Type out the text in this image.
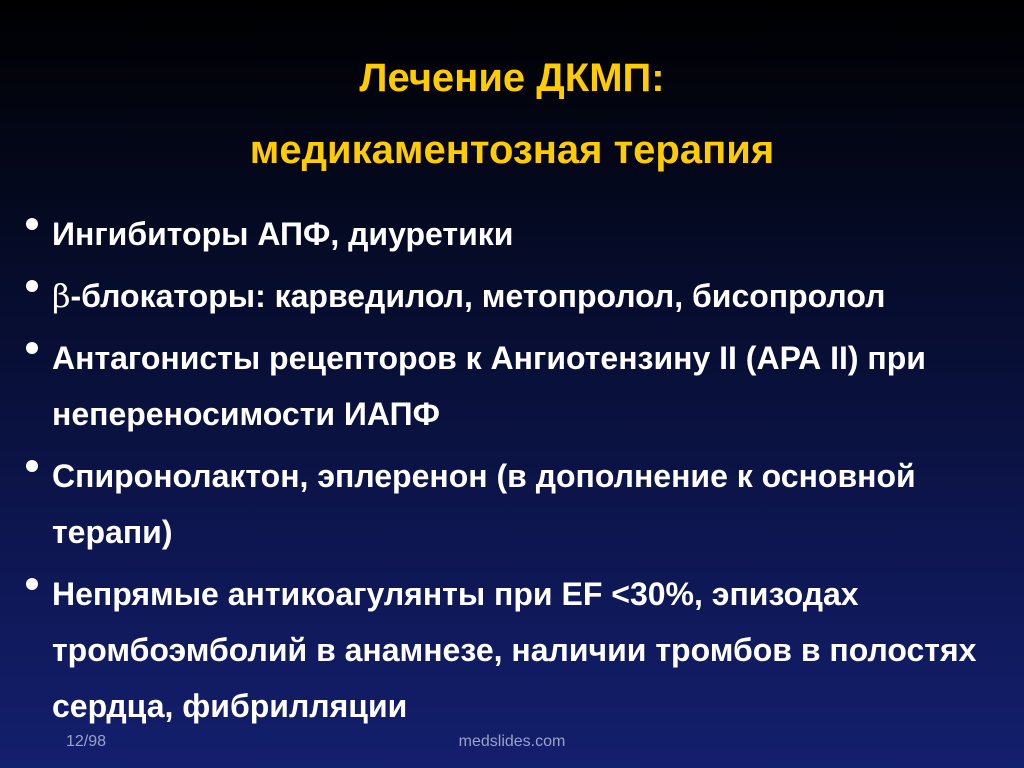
Лечение ДКМП:
медикаментозная терапия
Ингибиторы АПФ, диуретики
β-блокаторы: карведилол, метопролол, бисопролол
Антагонисты рецепторов к Ангиотензину II (АРА II) при непереносимости ИАПФ
Спиронолактон, эплеренон (в дополнение к основной терапи)
Непрямые антикоагулянты при EF <30%, эпизодах тромбоэмболий в анамнезе, наличии тромбов в полостях сердца, фибрилляции
12/98	medslides.com
